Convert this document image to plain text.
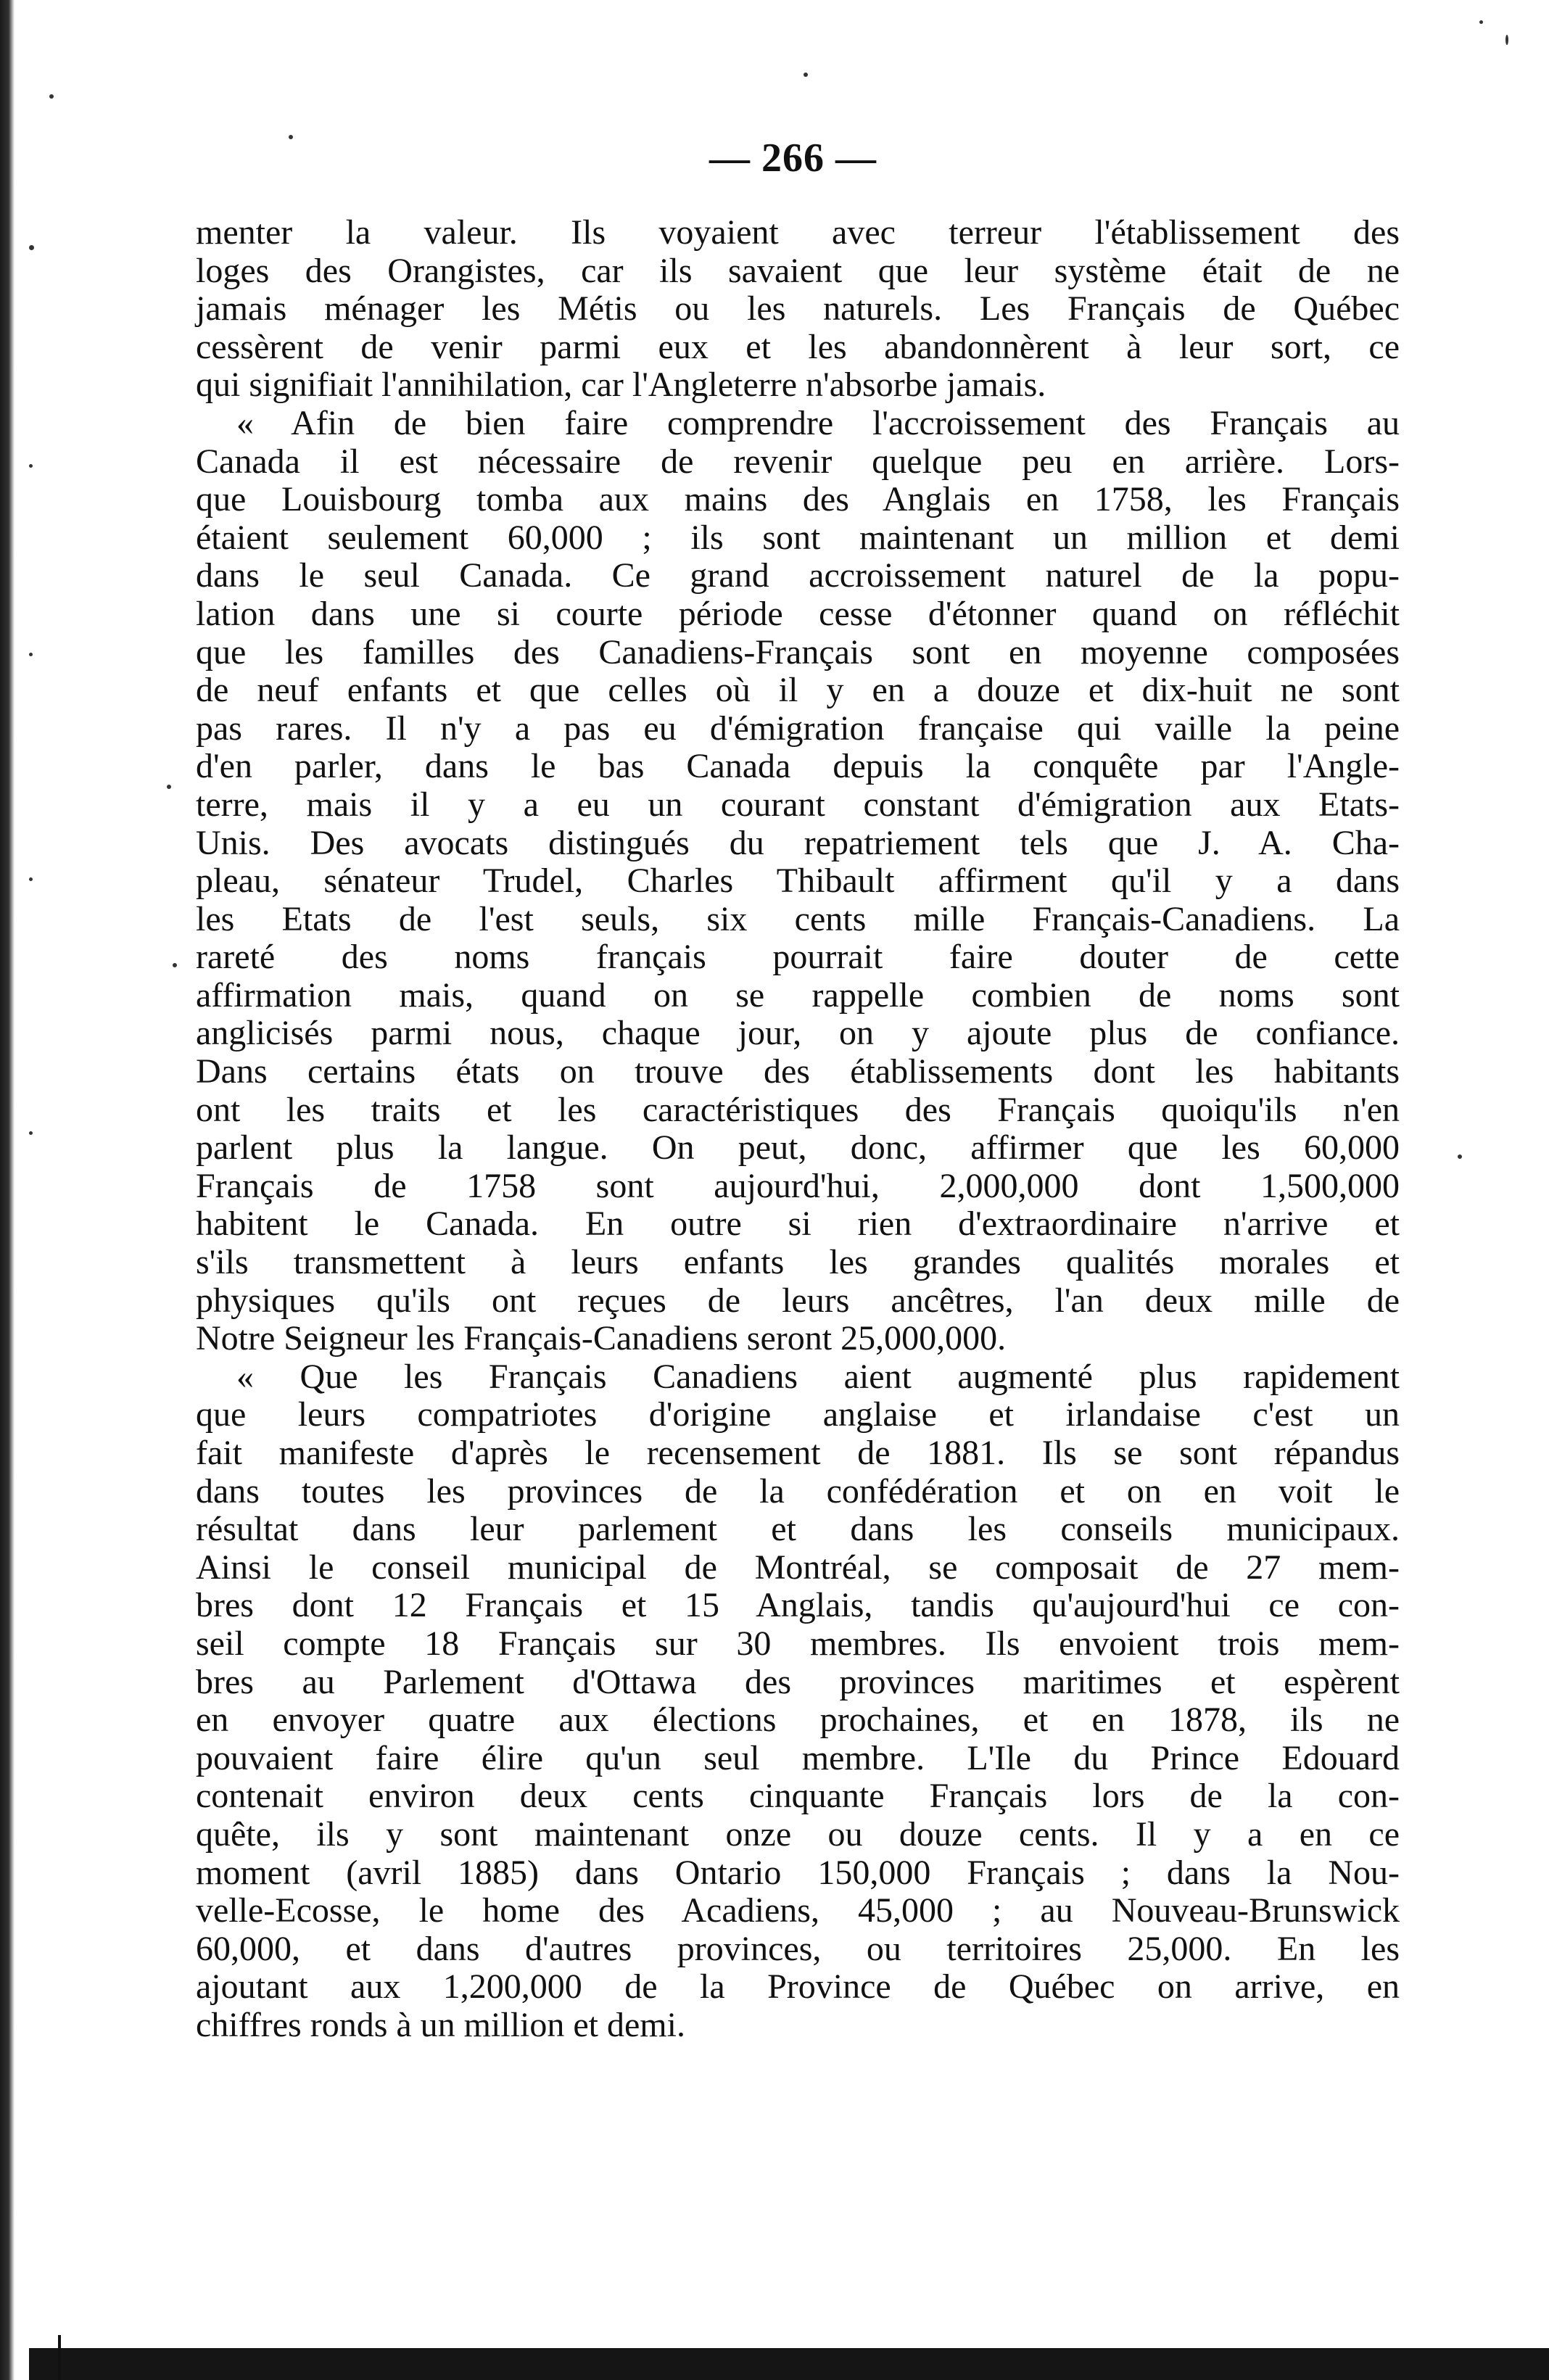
— 266 —
menter la valeur. Ils voyaient avec terreur l'établissement des
loges des Orangistes, car ils savaient que leur système était de ne
jamais ménager les Métis ou les naturels. Les Français de Québec
cessèrent de venir parmi eux et les abandonnèrent à leur sort, ce
qui signifiait l'annihilation, car l'Angleterre n'absorbe jamais.
« Afin de bien faire comprendre l'accroissement des Français au
Canada il est nécessaire de revenir quelque peu en arrière. Lors-
que Louisbourg tomba aux mains des Anglais en 1758, les Français
étaient seulement 60,000 ; ils sont maintenant un million et demi
dans le seul Canada. Ce grand accroissement naturel de la popu-
lation dans une si courte période cesse d'étonner quand on réfléchit
que les familles des Canadiens-Français sont en moyenne composées
de neuf enfants et que celles où il y en a douze et dix-huit ne sont
pas rares. Il n'y a pas eu d'émigration française qui vaille la peine
d'en parler, dans le bas Canada depuis la conquête par l'Angle-
terre, mais il y a eu un courant constant d'émigration aux Etats-
Unis. Des avocats distingués du repatriement tels que J. A. Cha-
pleau, sénateur Trudel, Charles Thibault affirment qu'il y a dans
les Etats de l'est seuls, six cents mille Français-Canadiens. La
rareté des noms français pourrait faire douter de cette
affirmation mais, quand on se rappelle combien de noms sont
anglicisés parmi nous, chaque jour, on y ajoute plus de confiance.
Dans certains états on trouve des établissements dont les habitants
ont les traits et les caractéristiques des Français quoiqu'ils n'en
parlent plus la langue. On peut, donc, affirmer que les 60,000
Français de 1758 sont aujourd'hui, 2,000,000 dont 1,500,000
habitent le Canada. En outre si rien d'extraordinaire n'arrive et
s'ils transmettent à leurs enfants les grandes qualités morales et
physiques qu'ils ont reçues de leurs ancêtres, l'an deux mille de
Notre Seigneur les Français-Canadiens seront 25,000,000.
« Que les Français Canadiens aient augmenté plus rapidement
que leurs compatriotes d'origine anglaise et irlandaise c'est un
fait manifeste d'après le recensement de 1881. Ils se sont répandus
dans toutes les provinces de la confédération et on en voit le
résultat dans leur parlement et dans les conseils municipaux.
Ainsi le conseil municipal de Montréal, se composait de 27 mem-
bres dont 12 Français et 15 Anglais, tandis qu'aujourd'hui ce con-
seil compte 18 Français sur 30 membres. Ils envoient trois mem-
bres au Parlement d'Ottawa des provinces maritimes et espèrent
en envoyer quatre aux élections prochaines, et en 1878, ils ne
pouvaient faire élire qu'un seul membre. L'Ile du Prince Edouard
contenait environ deux cents cinquante Français lors de la con-
quête, ils y sont maintenant onze ou douze cents. Il y a en ce
moment (avril 1885) dans Ontario 150,000 Français ; dans la Nou-
velle-Ecosse, le home des Acadiens, 45,000 ; au Nouveau-Brunswick
60,000, et dans d'autres provinces, ou territoires 25,000. En les
ajoutant aux 1,200,000 de la Province de Québec on arrive, en
chiffres ronds à un million et demi.
